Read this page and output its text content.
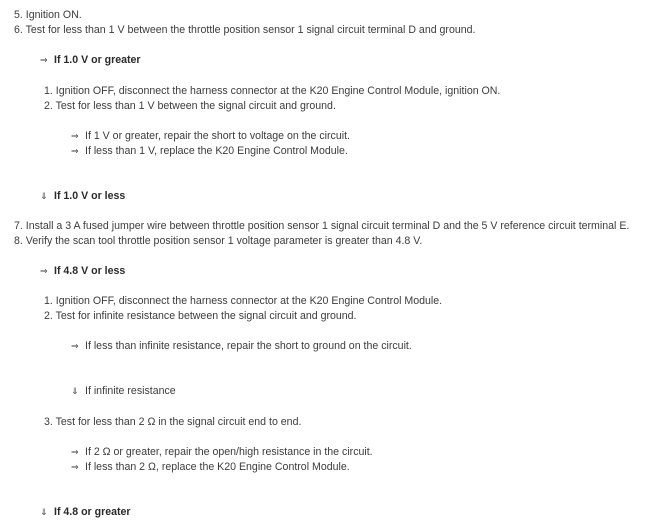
5. Ignition ON.
6. Test for less than 1 V between the throttle position sensor 1 signal circuit terminal D and ground.
⇒ If 1.0 V or greater
1. Ignition OFF, disconnect the harness connector at the K20 Engine Control Module, ignition ON.
2. Test for less than 1 V between the signal circuit and ground.
⇒ If 1 V or greater, repair the short to voltage on the circuit.
⇒ If less than 1 V, replace the K20 Engine Control Module.
⇓ If 1.0 V or less
7. Install a 3 A fused jumper wire between throttle position sensor 1 signal circuit terminal D and the 5 V reference circuit terminal E.
8. Verify the scan tool throttle position sensor 1 voltage parameter is greater than 4.8 V.
⇒ If 4.8 V or less
1. Ignition OFF, disconnect the harness connector at the K20 Engine Control Module.
2. Test for infinite resistance between the signal circuit and ground.
⇒ If less than infinite resistance, repair the short to ground on the circuit.
⇓ If infinite resistance
3. Test for less than 2 Ω in the signal circuit end to end.
⇒ If 2 Ω or greater, repair the open/high resistance in the circuit.
⇒ If less than 2 Ω, replace the K20 Engine Control Module.
⇓ If 4.8 or greater
